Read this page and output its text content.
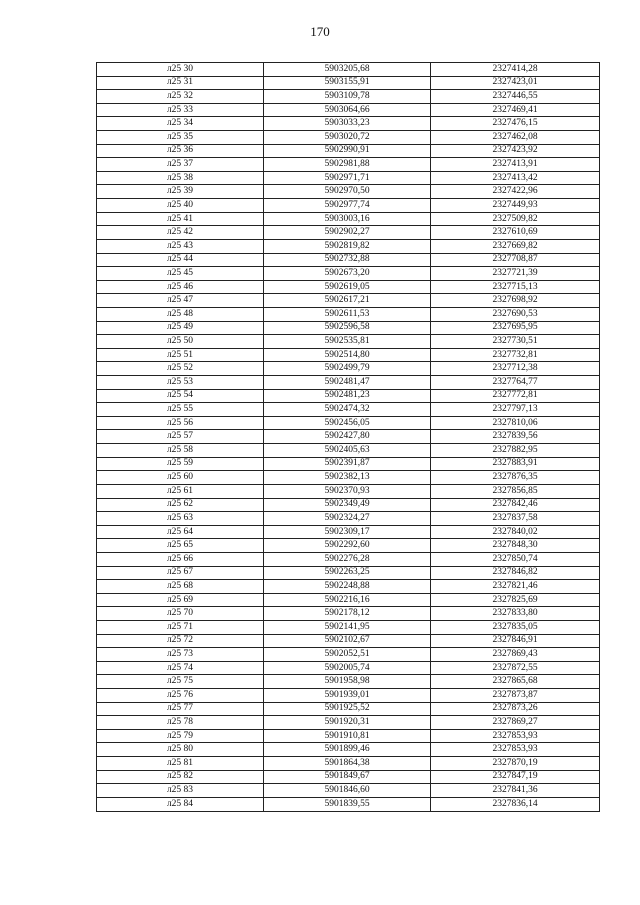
170
л25 30	5903205,68	2327414,28
л25 31	5903155,91	2327423,01
л25 32	5903109,78	2327446,55
л25 33	5903064,66	2327469,41
л25 34	5903033,23	2327476,15
л25 35	5903020,72	2327462,08
л25 36	5902990,91	2327423,92
л25 37	5902981,88	2327413,91
л25 38	5902971,71	2327413,42
л25 39	5902970,50	2327422,96
л25 40	5902977,74	2327449,93
л25 41	5903003,16	2327509,82
л25 42	5902902,27	2327610,69
л25 43	5902819,82	2327669,82
л25 44	5902732,88	2327708,87
л25 45	5902673,20	2327721,39
л25 46	5902619,05	2327715,13
л25 47	5902617,21	2327698,92
л25 48	5902611,53	2327690,53
л25 49	5902596,58	2327695,95
л25 50	5902535,81	2327730,51
л25 51	5902514,80	2327732,81
л25 52	5902499,79	2327712,38
л25 53	5902481,47	2327764,77
л25 54	5902481,23	2327772,81
л25 55	5902474,32	2327797,13
л25 56	5902456,05	2327810,06
л25 57	5902427,80	2327839,56
л25 58	5902405,63	2327882,95
л25 59	5902391,87	2327883,91
л25 60	5902382,13	2327876,35
л25 61	5902370,93	2327856,85
л25 62	5902349,49	2327842,46
л25 63	5902324,27	2327837,58
л25 64	5902309,17	2327840,02
л25 65	5902292,60	2327848,30
л25 66	5902276,28	2327850,74
л25 67	5902263,25	2327846,82
л25 68	5902248,88	2327821,46
л25 69	5902216,16	2327825,69
л25 70	5902178,12	2327833,80
л25 71	5902141,95	2327835,05
л25 72	5902102,67	2327846,91
л25 73	5902052,51	2327869,43
л25 74	5902005,74	2327872,55
л25 75	5901958,98	2327865,68
л25 76	5901939,01	2327873,87
л25 77	5901925,52	2327873,26
л25 78	5901920,31	2327869,27
л25 79	5901910,81	2327853,93
л25 80	5901899,46	2327853,93
л25 81	5901864,38	2327870,19
л25 82	5901849,67	2327847,19
л25 83	5901846,60	2327841,36
л25 84	5901839,55	2327836,14
